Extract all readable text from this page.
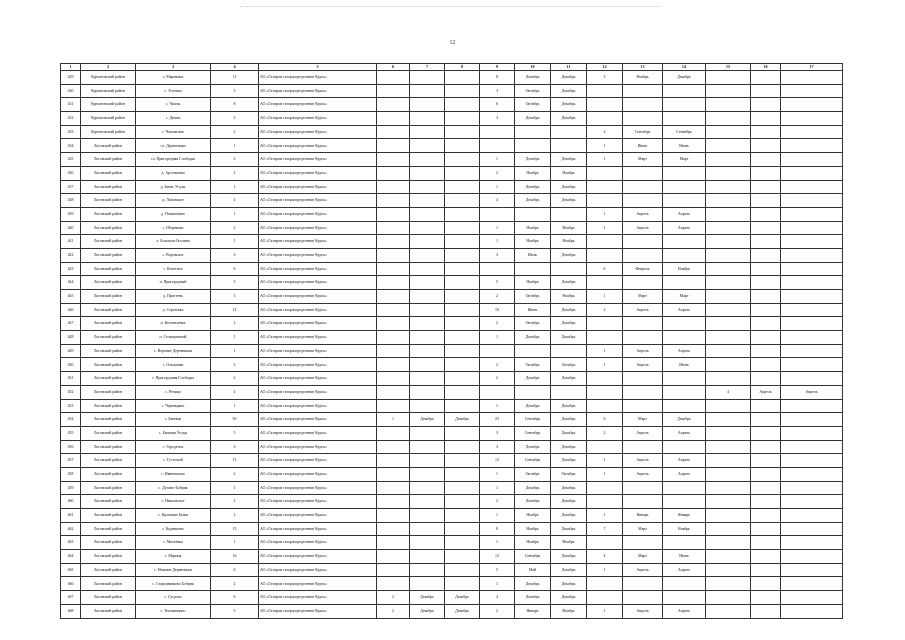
12
1	2	3	4	5	6	7	8	9	10	11	12	13	14	15	16	17
429	Курчатовский район	с. Мармыжи	11	АО «Газпром газораспределение Курск»				8	Декабрь	Декабрь	3	Ноябрь	Декабрь			
430	Курчатовский район	с. Успенка	3	АО «Газпром газораспределение Курск»				3	Октябрь	Декабрь						
431	Курчатовский район	с. Чаплы	8	АО «Газпром газораспределение Курск»				6	Октябрь	Декабрь						
432	Курчатовский район	с. Дичня	3	АО «Газпром газораспределение Курск»				3	Декабрь	Декабрь						
433	Курчатовский район	с. Чаплыгино	2	АО «Газпром газораспределение Курск»							2	Сентябрь	Сентябрь			
434	Льговский район	сл. Деревеньки	1	АО «Газпром газораспределение Курск»							1	Июнь	Июнь			
435	Льговский район	сл. Пригородняя Слободка	2	АО «Газпром газораспределение Курск»				1	Декабрь	Декабрь	1	Март	Март			
436	Льговский район	д. Арсеньевка	2	АО «Газпром газораспределение Курск»				2	Ноябрь	Ноябрь						
437	Льговский район	д. Банас Угоды	1	АО «Газпром газораспределение Курск»				1	Декабрь	Декабрь						
438	Льговский район	д. Локинское	4	АО «Газпром газораспределение Курск»				4	Декабрь	Декабрь						
439	Льговский район	д. Покачевино	1	АО «Газпром газораспределение Курск»							1	Апрель	Апрель			
440	Льговский район	с. Шерекино	2	АО «Газпром газораспределение Курск»				1	Ноябрь	Ноябрь	1	Апрель	Апрель			
441	Льговский район	х. Большая Оголина	1	АО «Газпром газораспределение Курск»				1	Ноябрь	Ноябрь						
442	Льговский район	с. Воровское	3	АО «Газпром газораспределение Курск»				3	Июль	Декабрь						
443	Льговский район	с. Кочетное	6	АО «Газпром газораспределение Курск»							6	Февраль	Ноябрь			
444	Льговский район	п. Пригородный	5	АО «Газпром газораспределение Курск»				5	Ноябрь	Декабрь						
445	Льговский район	д. Пристень	3	АО «Газпром газораспределение Курск»				2	Октябрь	Ноябрь	1	Март	Март			
446	Льговский район	д. Сергеевка	12	АО «Газпром газораспределение Курск»				10	Июнь	Декабрь	2	Апрель	Апрель			
447	Льговский район	п. Колонтаевка	2	АО «Газпром газораспределение Курск»				2	Октябрь	Декабрь						
448	Льговский район	п. Селищанский	1	АО «Газпром газораспределение Курск»				1	Декабрь	Декабрь						
449	Льговский район	с. Верхние Деревеньки	1	АО «Газпром газораспределение Курск»							1	Апрель	Апрель			
450	Льговский район	с. Ольшанка	3	АО «Газпром газораспределение Курск»				2	Октябрь	Октябрь	1	Апрель	Июнь			
451	Льговский район	с. Пригородняя Слободка	2	АО «Газпром газораспределение Курск»				2	Декабрь	Декабрь						
452	Льговский район	с. Речица	4	АО «Газпром газораспределение Курск»										4	Апрель	Апрель
453	Льговский район	с. Черницыно	1	АО «Газпром газораспределение Курск»				1	Декабрь	Декабрь						
454	Льговский район	с. Банище	30	АО «Газпром газораспределение Курск»	1	Декабрь	Декабрь	23	Сентябрь	Декабрь	6	Март	Декабрь			
455	Льговский район	с. Банищи Угоды	5	АО «Газпром газораспределение Курск»				3	Сентябрь	Декабрь	2	Апрель	Апрель			
456	Льговский район	с. Городенск	3	АО «Газпром газораспределение Курск»				3	Декабрь	Декабрь						
457	Льговский район	с. Густомой	13	АО «Газпром газораспределение Курск»				12	Сентябрь	Декабрь	1	Апрель	Апрель			
458	Льговский район	с. Иванчиково	2	АО «Газпром газораспределение Курск»				1	Октябрь	Октябрь	1	Апрель	Апрель			
459	Льговский район	с. Духово-Бобрик	1	АО «Газпром газораспределение Курск»				1	Декабрь	Декабрь						
460	Льговский район	с. Никольское	2	АО «Газпром газораспределение Курск»				2	Декабрь	Декабрь						
461	Льговский район	с. Кромские Быки	2	АО «Газпром газораспределение Курск»				1	Ноябрь	Декабрь	1	Январь	Январь			
462	Льговский район	с. Кудинцево	15	АО «Газпром газораспределение Курск»				8	Ноябрь	Декабрь	7	Март	Ноябрь			
463	Льговский район	с. Малеевка	1	АО «Газпром газораспределение Курск»				1	Ноябрь	Ноябрь						
464	Льговский район	с. Марица	16	АО «Газпром газораспределение Курск»				12	Сентябрь	Декабрь	4	Март	Июнь			
465	Льговский район	с. Нижние Деревеньки	6	АО «Газпром газораспределение Курск»				5	Май	Декабрь	1	Апрель	Апрель			
466	Льговский район	с. Староиванково Бобрик	2	АО «Газпром газораспределение Курск»				1	Декабрь	Декабрь						
467	Льговский район	с. Сугрово	6	АО «Газпром газораспределение Курск»	2	Декабрь	Декабрь	4	Декабрь	Декабрь						
468	Льговский район	с. Теплинщино	5	АО «Газпром газораспределение Курск»	2	Декабрь	Декабрь	2	Январь	Ноябрь	1	Апрель	Апрель			
